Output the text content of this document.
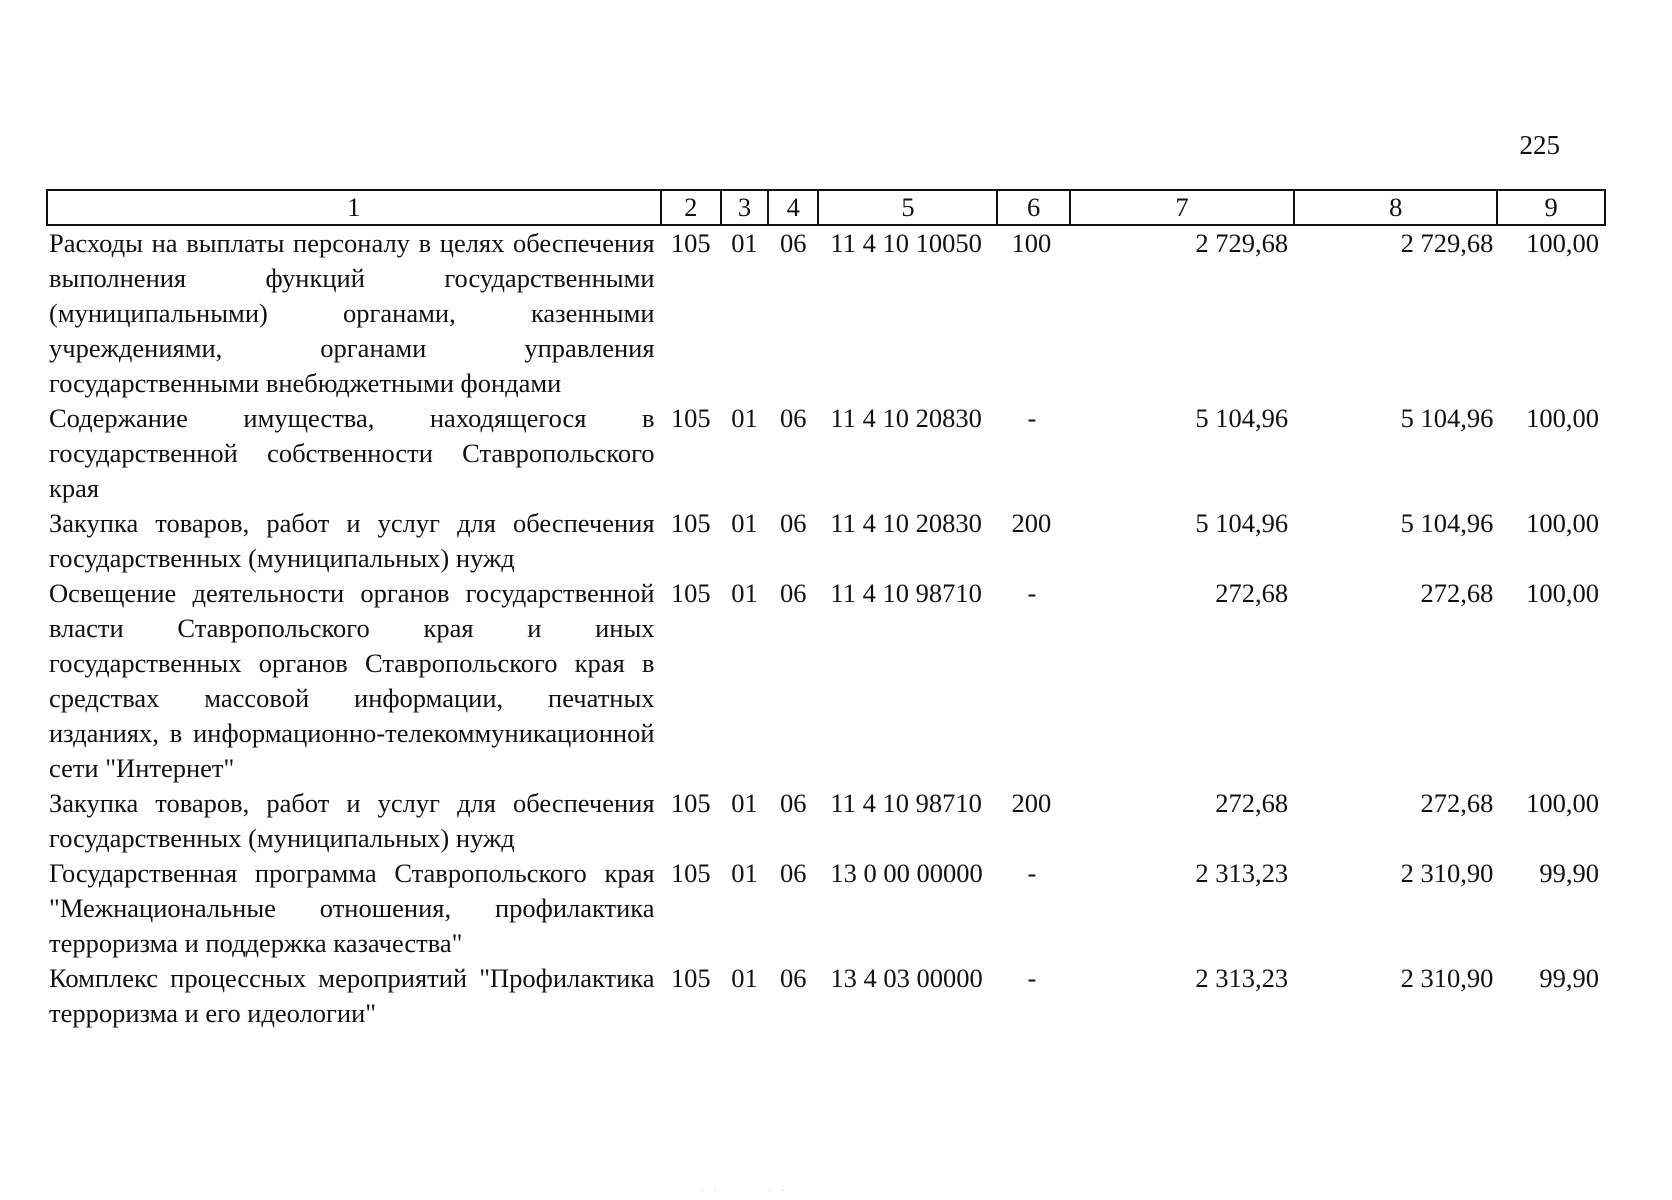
225
1	2	3	4	5	6	7	8	9
Расходы на выплаты персоналу в целях обеспечения выполнения функций государственными (муниципальными) органами, казенными учреждениями, органами управления государственными внебюджетными фондами	105	01	06	11 4 10 10050	100	2 729,68	2 729,68	100,00
Содержание имущества, находящегося в государственной собственности Ставропольского края	105	01	06	11 4 10 20830	-	5 104,96	5 104,96	100,00
Закупка товаров, работ и услуг для обеспечения государственных (муниципальных) нужд	105	01	06	11 4 10 20830	200	5 104,96	5 104,96	100,00
Освещение деятельности органов государственной власти Ставропольского края и иных государственных органов Ставропольского края в средствах массовой информации, печатных изданиях, в информационно-телекоммуникационной сети "Интернет"	105	01	06	11 4 10 98710	-	272,68	272,68	100,00
Закупка товаров, работ и услуг для обеспечения государственных (муниципальных) нужд	105	01	06	11 4 10 98710	200	272,68	272,68	100,00
Государственная программа Ставропольского края "Межнациональные отношения, профилактика терроризма и поддержка казачества"	105	01	06	13 0 00 00000	-	2 313,23	2 310,90	99,90
Комплекс процессных мероприятий "Профилактика терроризма и его идеологии"	105	01	06	13 4 03 00000	-	2 313,23	2 310,90	99,90
· ·        · ·
